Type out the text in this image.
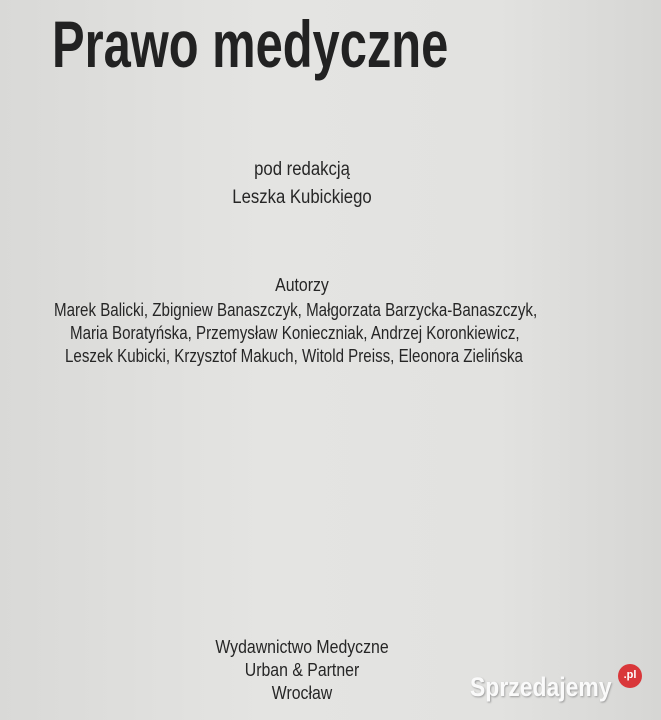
Prawo medyczne
pod redakcją
Leszka Kubickiego
Autorzy
Marek Balicki, Zbigniew Banaszczyk, Małgorzata Barzycka-Banaszczyk,
Maria Boratyńska, Przemysław Konieczniak, Andrzej Koronkiewicz,
Leszek Kubicki, Krzysztof Makuch, Witold Preiss, Eleonora Zielińska
Wydawnictwo Medyczne
Urban & Partner
Wrocław	Sprzedajemy	.pl
